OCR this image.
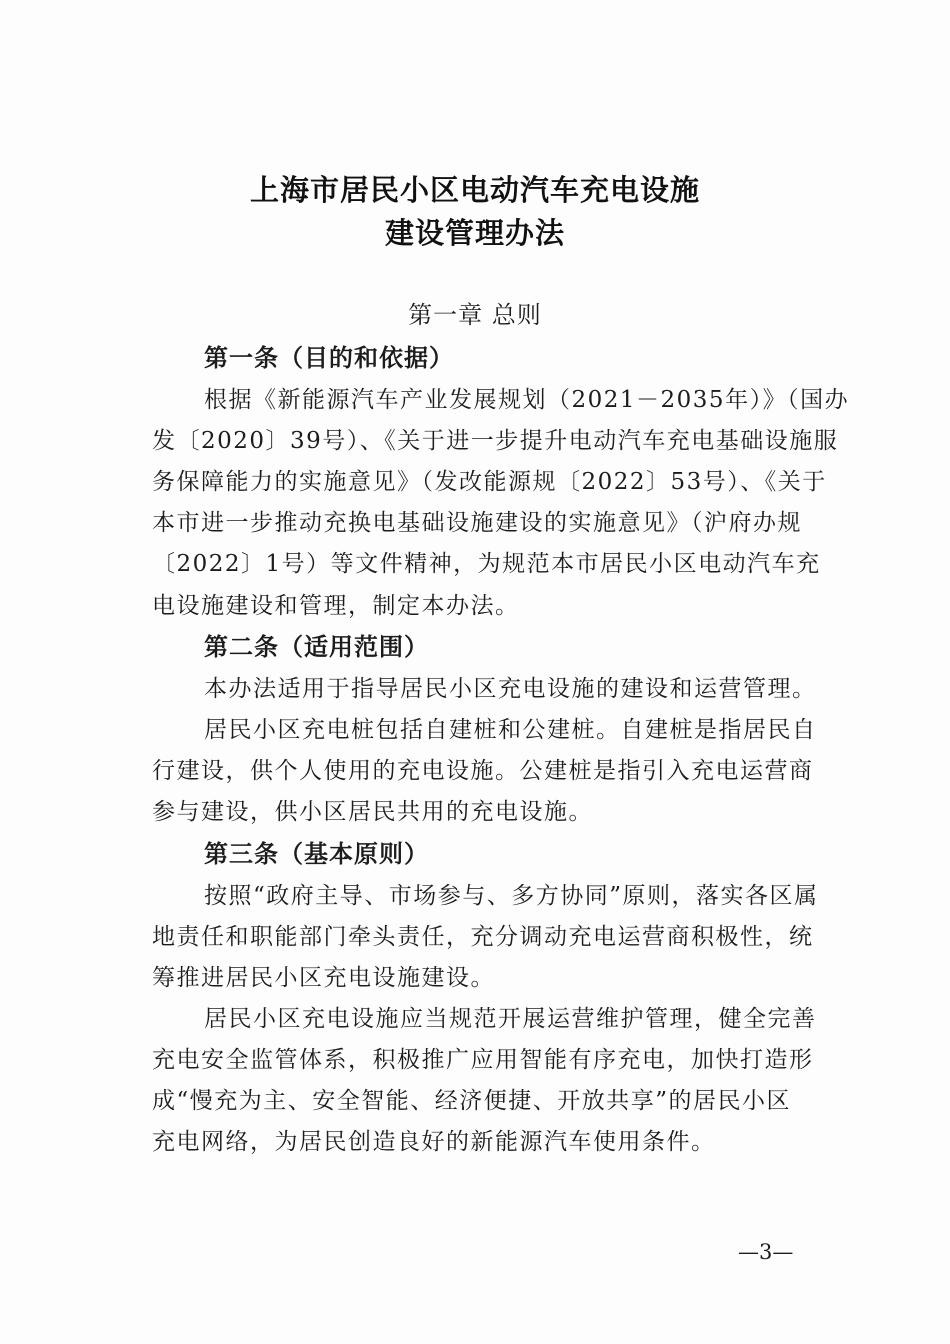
上海市居民小区电动汽车充电设施
建设管理办法
第一章 总则
第一条（目的和依据）
根据《新能源汽车产业发展规划（2021－2035年）》（国办
发〔2020〕39号）、《关于进一步提升电动汽车充电基础设施服
务保障能力的实施意见》（发改能源规〔2022〕53号）、《关于
本市进一步推动充换电基础设施建设的实施意见》（沪府办规
〔2022〕1号）等文件精神，为规范本市居民小区电动汽车充
电设施建设和管理，制定本办法。
第二条（适用范围）
本办法适用于指导居民小区充电设施的建设和运营管理。
居民小区充电桩包括自建桩和公建桩。自建桩是指居民自
行建设，供个人使用的充电设施。公建桩是指引入充电运营商
参与建设，供小区居民共用的充电设施。
第三条（基本原则）
按照“政府主导、市场参与、多方协同”原则，落实各区属
地责任和职能部门牵头责任，充分调动充电运营商积极性，统
筹推进居民小区充电设施建设。
居民小区充电设施应当规范开展运营维护管理，健全完善
充电安全监管体系，积极推广应用智能有序充电，加快打造形
成“慢充为主、安全智能、经济便捷、开放共享”的居民小区
充电网络，为居民创造良好的新能源汽车使用条件。
—3—
